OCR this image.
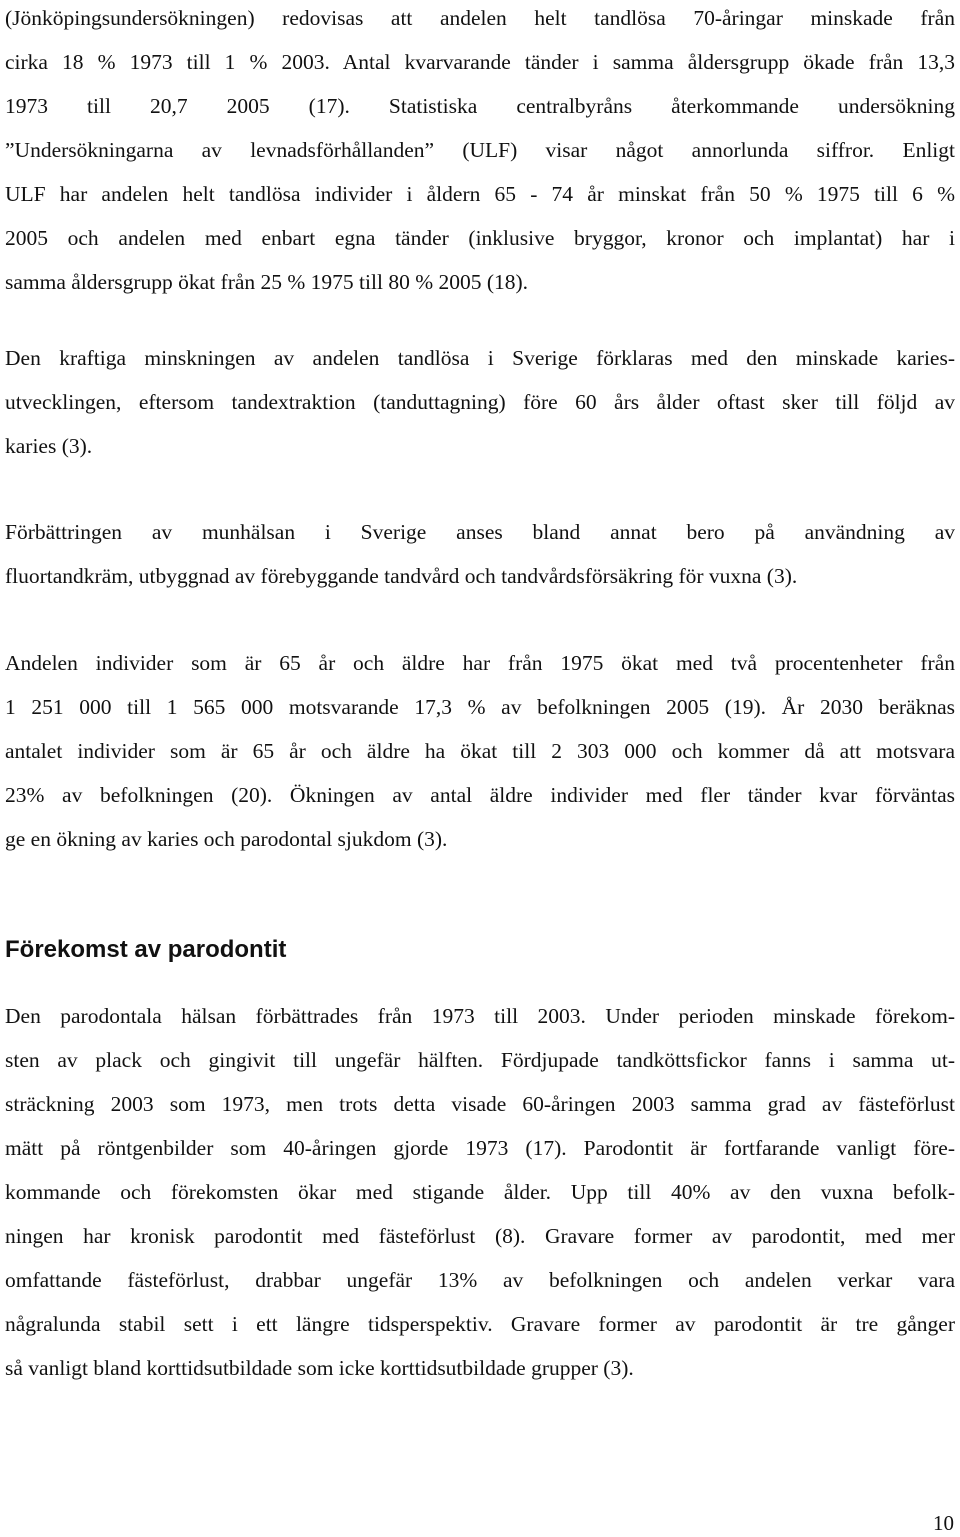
(Jönköpingsundersökningen) redovisas att andelen helt tandlösa 70-åringar minskade från
cirka 18 % 1973 till 1 % 2003. Antal kvarvarande tänder i samma åldersgrupp ökade från 13,3
1973 till 20,7 2005 (17). Statistiska centralbyråns återkommande undersökning
”Undersökningarna av levnadsförhållanden” (ULF) visar något annorlunda siffror. Enligt
ULF har andelen helt tandlösa individer i åldern 65 - 74 år minskat från 50 % 1975 till 6 %
2005 och andelen med enbart egna tänder (inklusive bryggor, kronor och implantat) har i
samma åldersgrupp ökat från 25 % 1975 till 80 % 2005 (18).
Den kraftiga minskningen av andelen tandlösa i Sverige förklaras med den minskade karies-
utvecklingen, eftersom tandextraktion (tanduttagning) före 60 års ålder oftast sker till följd av
karies (3).
Förbättringen av munhälsan i Sverige anses bland annat bero på användning av
fluortandkräm, utbyggnad av förebyggande tandvård och tandvårdsförsäkring för vuxna (3).
Andelen individer som är 65 år och äldre har från 1975 ökat med två procentenheter från
1 251 000 till 1 565 000 motsvarande 17,3 % av befolkningen 2005 (19). År 2030 beräknas
antalet individer som är 65 år och äldre ha ökat till 2 303 000 och kommer då att motsvara
23% av befolkningen (20). Ökningen av antal äldre individer med fler tänder kvar förväntas
ge en ökning av karies och parodontal sjukdom (3).
Förekomst av parodontit
Den parodontala hälsan förbättrades från 1973 till 2003. Under perioden minskade förekom-
sten av plack och gingivit till ungefär hälften. Fördjupade tandköttsfickor fanns i samma ut-
sträckning 2003 som 1973, men trots detta visade 60-åringen 2003 samma grad av fästeförlust
mätt på röntgenbilder som 40-åringen gjorde 1973 (17). Parodontit är fortfarande vanligt före-
kommande och förekomsten ökar med stigande ålder. Upp till 40% av den vuxna befolk-
ningen har kronisk parodontit med fästeförlust (8). Gravare former av parodontit, med mer
omfattande fästeförlust, drabbar ungefär 13% av befolkningen och andelen verkar vara
någralunda stabil sett i ett längre tidsperspektiv. Gravare former av parodontit är tre gånger
så vanligt bland korttidsutbildade som icke korttidsutbildade grupper (3).
10
